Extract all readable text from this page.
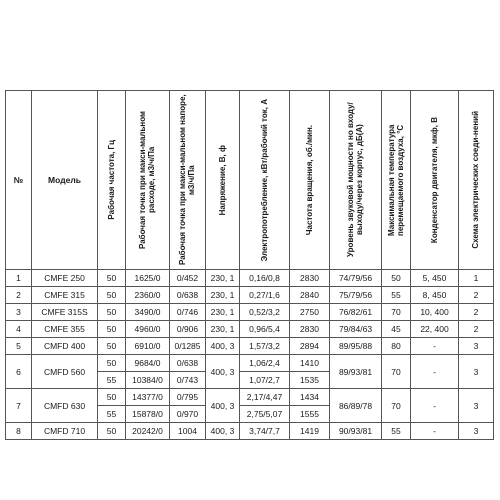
№	Модель	Рабочая частота, Гц	Рабочая точка при макси-мальном расходе, м3/ч/Па	Рабочая точка при макси-мальном напоре, м3/ч/Па	Напряжение, В, ф	Электропотребление, кВт/рабочий ток, А	Частота вращения, об./мин.	Уровень звуковой мощности но входу/выходу/через корпус, дБ(А)	Максимальная температура перемещаемого воздуха, °С	Конденсатор двигателя, мкф, В	Схема электрических соеди-нений

1	CMFE 250	50	1625/0	0/452	230, 1	0,16/0,8	2830	74/79/56	50	5, 450	1
2	CMFE 315	50	2360/0	0/638	230, 1	0,27/1,6	2840	75/79/56	55	8, 450	2
3	CMFE 315S	50	3490/0	0/746	230, 1	0,52/3,2	2750	76/82/61	70	10, 400	2
4	CMFE 355	50	4960/0	0/906	230, 1	0,96/5,4	2830	79/84/63	45	22, 400	2
5	CMFD 400	50	6910/0	0/1285	400, 3	1,57/3,2	2894	89/95/88	80	-	3
6	CMFD 560	50	9684/0	0/638	400, 3	1,06/2,4	1410	89/93/81	70	-	3
		55	10384/0	0/743		1,07/2,7	1535				
7	CMFD 630	50	14377/0	0/795	400, 3	2,17/4,47	1434	86/89/78	70	-	3
		55	15878/0	0/970		2,75/5,07	1555				
8	CMFD 710	50	20242/0	1004	400, 3	3,74/7,7	1419	90/93/81	55	-	3
